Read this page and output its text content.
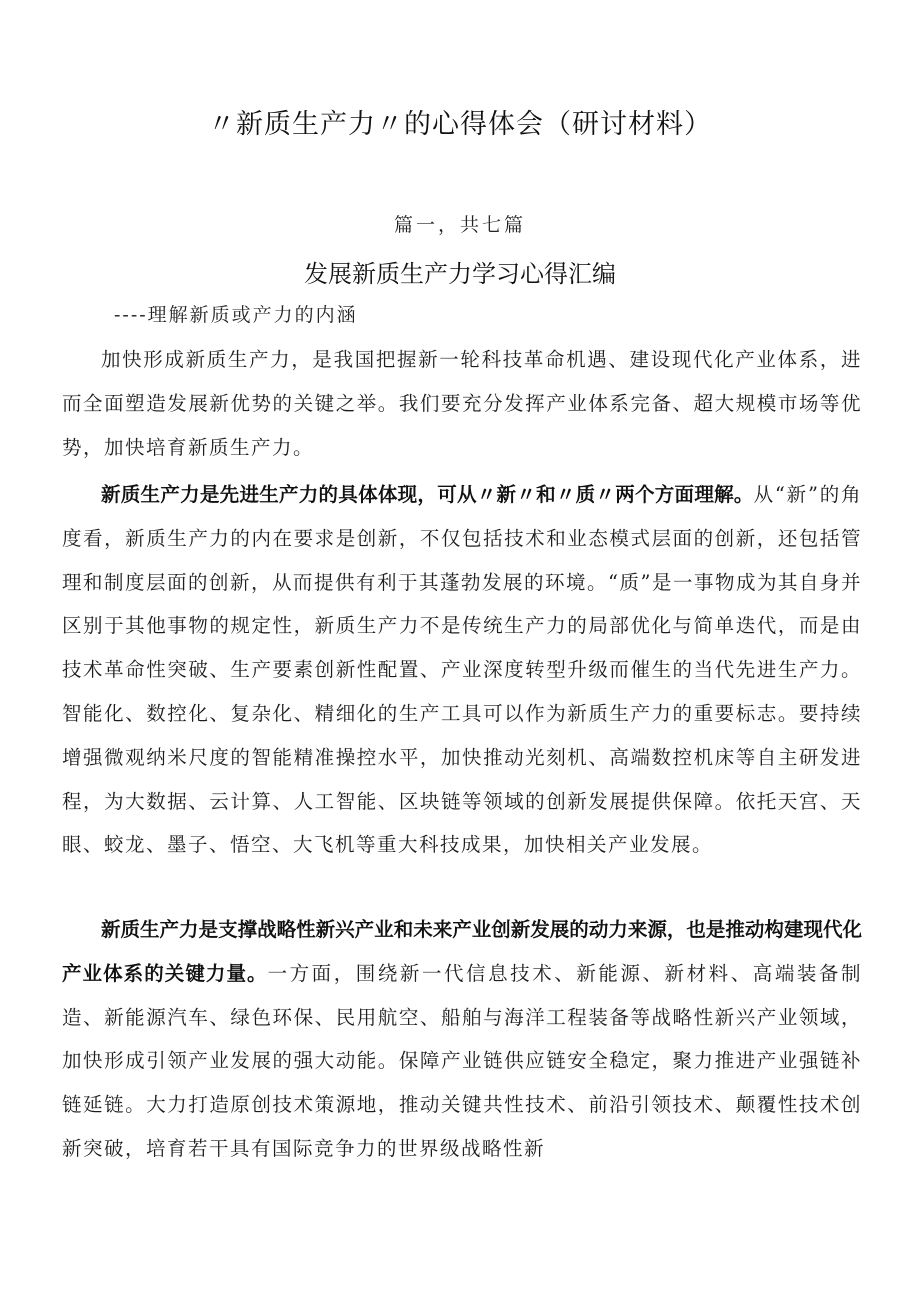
〃新质生产力〃的心得体会（研讨材料）
篇一，共七篇
发展新质生产力学习心得汇编
----理解新质或产力的内涵

加快形成新质生产力，是我国把握新一轮科技革命机遇、建设现代化产业体系，进而全面塑造发展新优势的关键之举。我们要充分发挥产业体系完备、超大规模市场等优势，加快培育新质生产力。

新质生产力是先进生产力的具体体现，可从〃新〃和〃质〃两个方面理解。从“新”的角度看，新质生产力的内在要求是创新，不仅包括技术和业态模式层面的创新，还包括管理和制度层面的创新，从而提供有利于其蓬勃发展的环境。“质”是一事物成为其自身并区别于其他事物的规定性，新质生产力不是传统生产力的局部优化与简单迭代，而是由技术革命性突破、生产要素创新性配置、产业深度转型升级而催生的当代先进生产力。智能化、数控化、复杂化、精细化的生产工具可以作为新质生产力的重要标志。要持续增强微观纳米尺度的智能精准操控水平，加快推动光刻机、高端数控机床等自主研发进程，为大数据、云计算、人工智能、区块链等领域的创新发展提供保障。依托天宫、天眼、蛟龙、墨子、悟空、大飞机等重大科技成果，加快相关产业发展。

新质生产力是支撑战略性新兴产业和未来产业创新发展的动力来源，也是推动构建现代化产业体系的关键力量。一方面，围绕新一代信息技术、新能源、新材料、高端装备制造、新能源汽车、绿色环保、民用航空、船舶与海洋工程装备等战略性新兴产业领域，加快形成引领产业发展的强大动能。保障产业链供应链安全稳定，聚力推进产业强链补链延链。大力打造原创技术策源地，推动关键共性技术、前沿引领技术、颠覆性技术创新突破，培育若干具有国际竞争力的世界级战略性新
